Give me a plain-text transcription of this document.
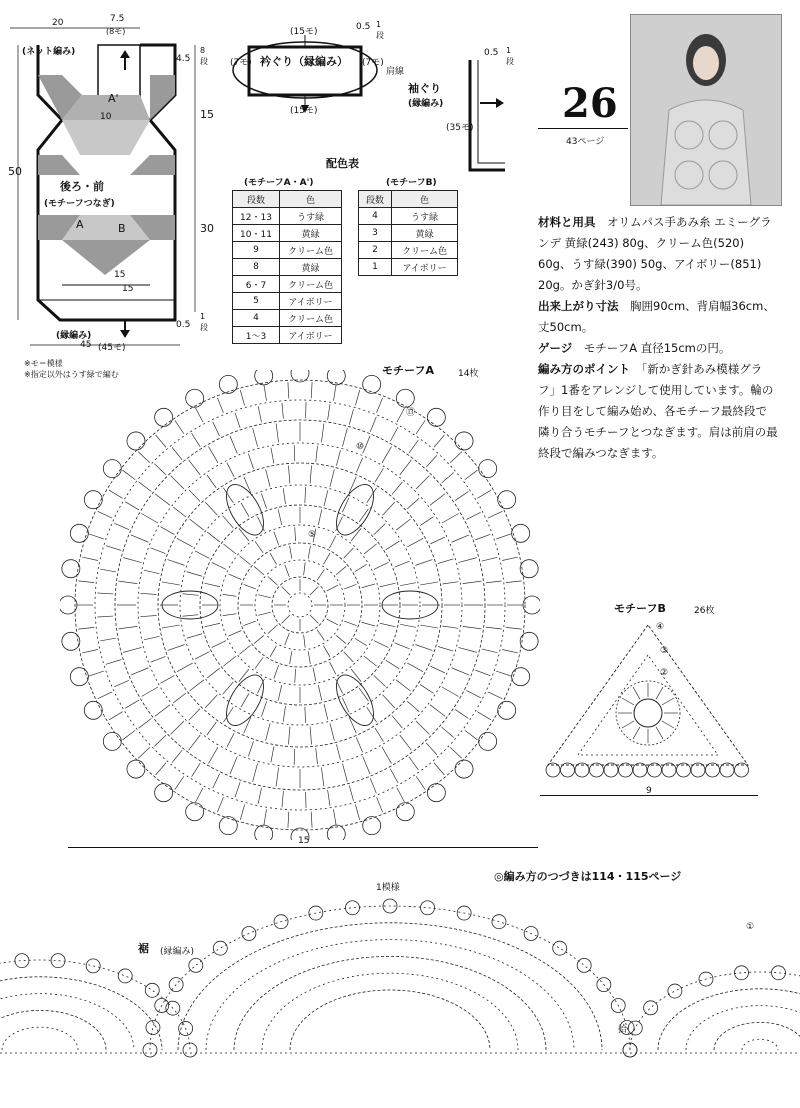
20	7.5
(8モ)
(ネット編み)
50
A'
10
後ろ・前
(モチーフつなぎ)
A	B
15
15
30
15
4.5
8
段
(縁編み)
45 (45モ)
0.5
1
段
※モ＝模様
※指定以外はうす緑で編む
(15モ)
衿ぐり（縁編み）
(7モ)	(7モ)
(15モ)
0.5 1
段
肩線
袖ぐり
(縁編み)
0.5 1
段
(35モ)
配色表
(モチーフA・A')	(モチーフB)
段数	色
12・13	うす緑
10・11	黄緑
9	クリーム色
8	黄緑
6・7	クリーム色
5	アイボリー
4	クリーム色
1〜3	アイボリー
段数	色
4	うす緑
3	黄緑
2	クリーム色
1	アイボリー
26
43ページ
材料と用具　 オリムパス手あみ糸 エミーグランデ 黄緑(243) 80g、クリーム色(520) 60g、うす緑(390) 50g、アイボリー(851) 20g。かぎ針3/0号。
出来上がり寸法　 胸囲90cm、背肩幅36cm、丈50cm。
ゲージ　 モチーフA 直径15cmの円。
編み方のポイント　 「新かぎ針あみ模様グラフ」1番をアレンジして使用しています。輪の作り目をして編み始め、各モチーフ最終段で隣り合うモチーフとつなぎます。肩は前肩の最終段で編みつなぎます。
モチーフA	14枚
⑬
⑩
⑤
15
モチーフB	26枚
④
③
②
9
◎編み方のつづきは114・115ページ
裾 (縁編み)
1模様
①
拾
